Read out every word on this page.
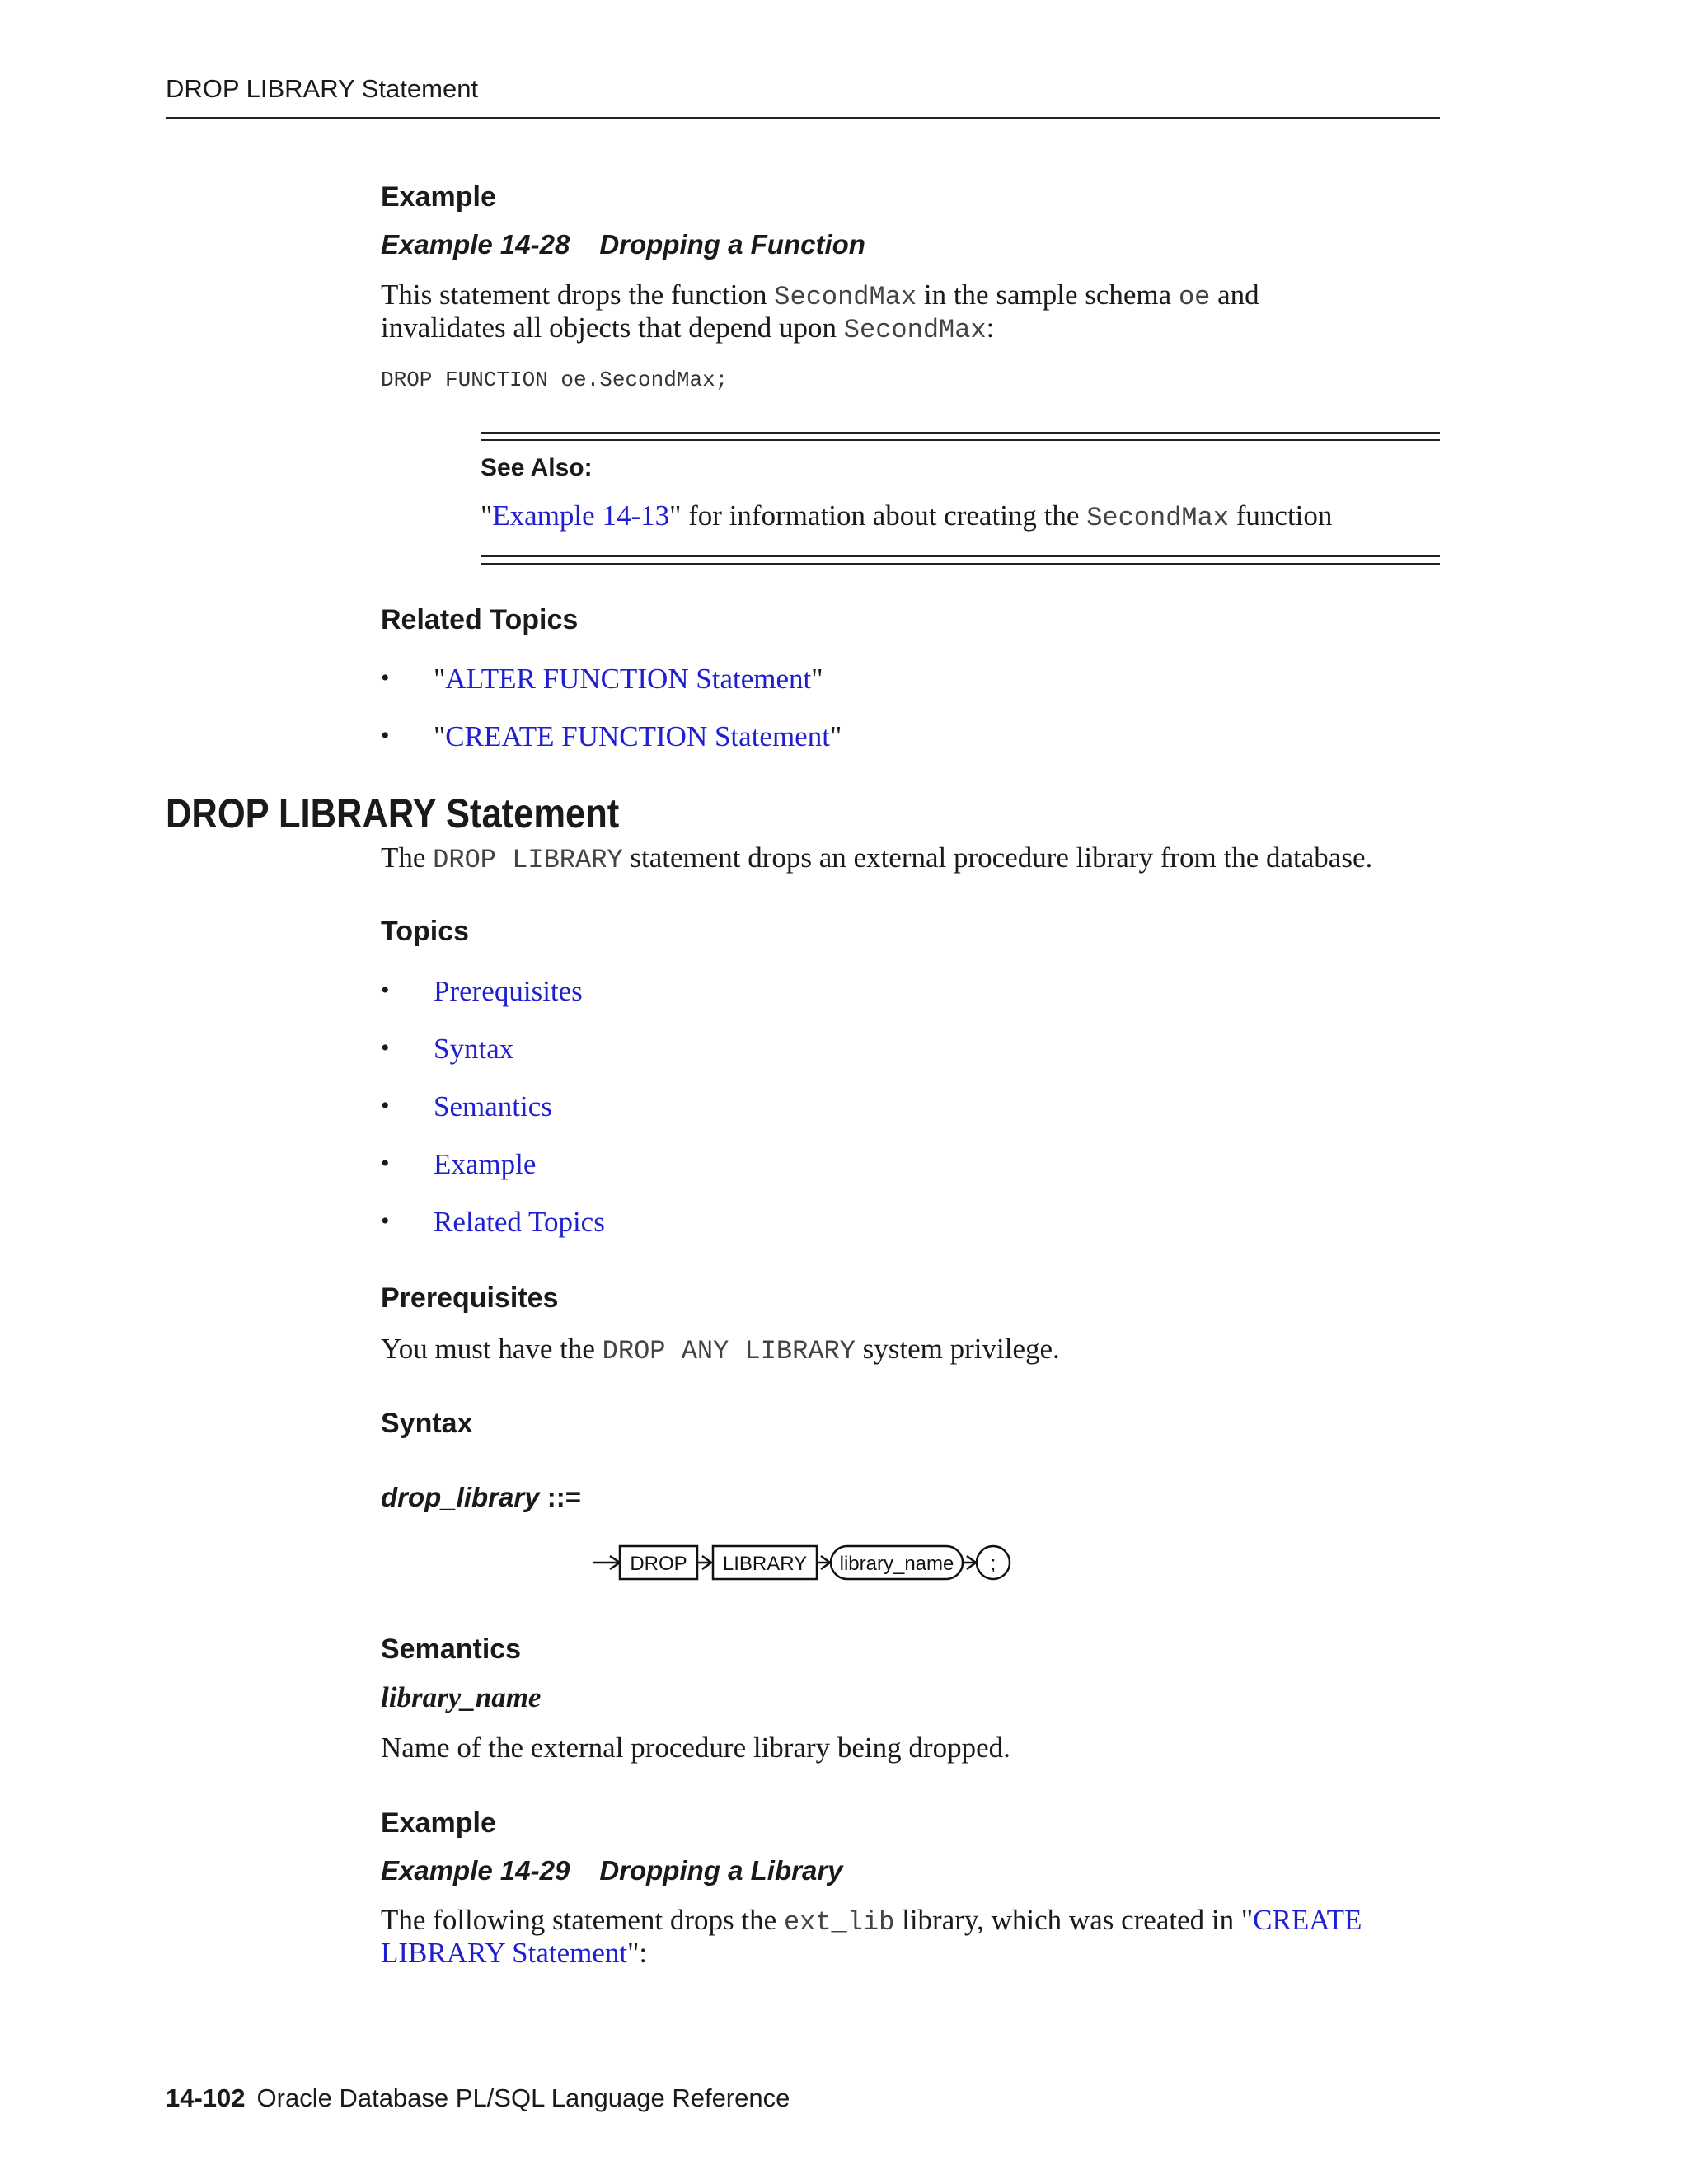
DROP LIBRARY Statement
Example
Example 14-28 Dropping a Function
This statement drops the function SecondMax in the sample schema oe and
invalidates all objects that depend upon SecondMax:
DROP FUNCTION oe.SecondMax;
See Also:
"Example 14-13" for information about creating the SecondMax function
Related Topics
• "ALTER FUNCTION Statement"
• "CREATE FUNCTION Statement"
DROP LIBRARY Statement
The DROP LIBRARY statement drops an external procedure library from the database.
Topics
• Prerequisites
• Syntax
• Semantics
• Example
• Related Topics
Prerequisites
You must have the DROP ANY LIBRARY system privilege.
Syntax
drop_library ::=
DROP LIBRARY library_name ;
Semantics
library_name
Name of the external procedure library being dropped.
Example
Example 14-29 Dropping a Library
The following statement drops the ext_lib library, which was created in "CREATE
LIBRARY Statement":
14-102 Oracle Database PL/SQL Language Reference
